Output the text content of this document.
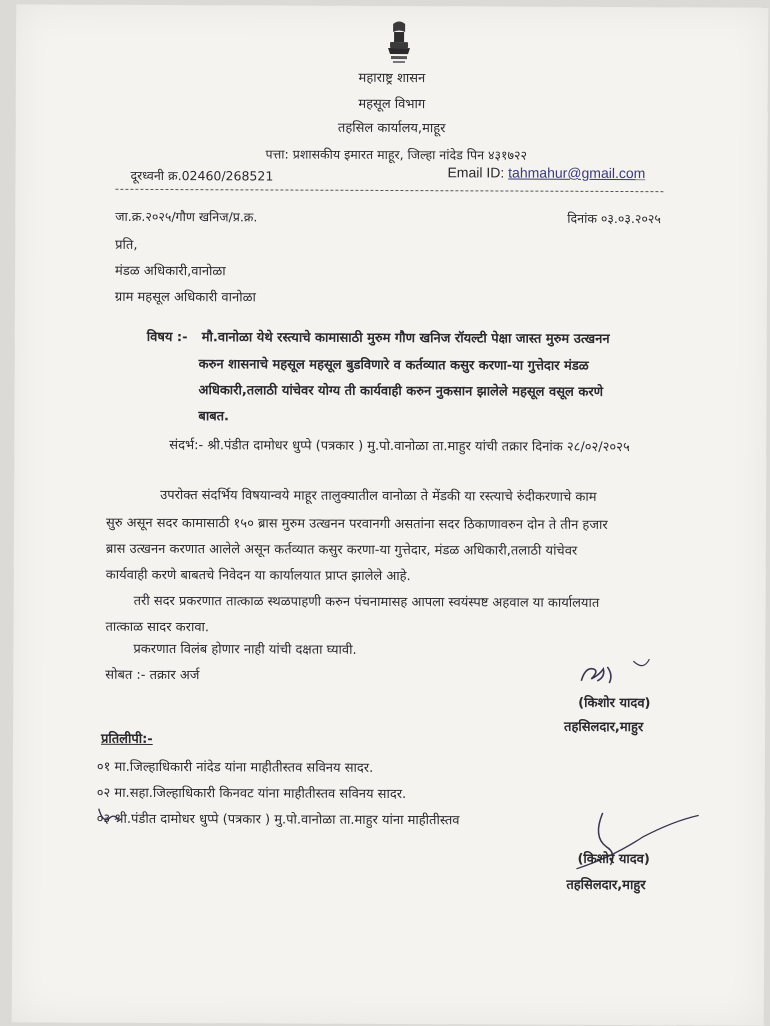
महाराष्ट्र शासन
महसूल विभाग
तहसिल कार्यालय,माहूर
पत्ता: प्रशासकीय इमारत माहूर, जिल्हा नांदेड पिन ४३१७२२
दूरध्वनी क्र.02460/268521	Email ID: tahmahur@gmail.com
जा.क्र.२०२५/गौण खनिज/प्र.क्र.	दिनांक ०३.०३.२०२५
प्रति,
मंडळ अधिकारी,वानोळा
ग्राम महसूल अधिकारी वानोळा
विषय :- मौ.वानोळा येथे रस्त्याचे कामासाठी मुरुम गौण खनिज रॉयल्टी पेक्षा जास्त मुरुम उत्खनन
करुन शासनाचे महसूल महसूल बुडविणारे व कर्तव्यात कसुर करणा-या गुत्तेदार मंडळ
अधिकारी,तलाठी यांचेवर योग्य ती कार्यवाही करुन नुकसान झालेले महसूल वसूल करणे
बाबत.
संदर्भ:- श्री.पंडीत दामोधर धुप्पे (पत्रकार ) मु.पो.वानोळा ता.माहुर यांची तक्रार दिनांक २८/०२/२०२५
उपरोक्त संदर्भिय विषयान्वये माहूर तालुक्यातील वानोळा ते मेंडकी या रस्त्याचे रुंदीकरणाचे काम
सुरु असून सदर कामासाठी १५० ब्रास मुरुम उत्खनन परवानगी असतांना सदर ठिकाणावरुन दोन ते तीन हजार
ब्रास उत्खनन करणात आलेले असून कर्तव्यात कसुर करणा-या गुत्तेदार, मंडळ अधिकारी,तलाठी यांचेवर
कार्यवाही करणे बाबतचे निवेदन या कार्यालयात प्राप्त झालेले आहे.
तरी सदर प्रकरणात तात्काळ स्थळपाहणी करुन पंचनामासह आपला स्वयंस्पष्ट अहवाल या कार्यालयात
तात्काळ सादर करावा.
प्रकरणात विलंब होणार नाही यांची दक्षता घ्यावी.
सोबत :- तक्रार अर्ज
(किशोर यादव)
तहसिलदार,माहुर
प्रतिलीपी:-
०१ मा.जिल्हाधिकारी नांदेड यांना माहीतीस्तव सविनय सादर.
०२ मा.सहा.जिल्हाधिकारी किनवट यांना माहीतीस्तव सविनय सादर.
०३ श्री.पंडीत दामोधर धुप्पे (पत्रकार ) मु.पो.वानोळा ता.माहुर यांना माहीतीस्तव
(किशोर यादव)
तहसिलदार,माहुर
